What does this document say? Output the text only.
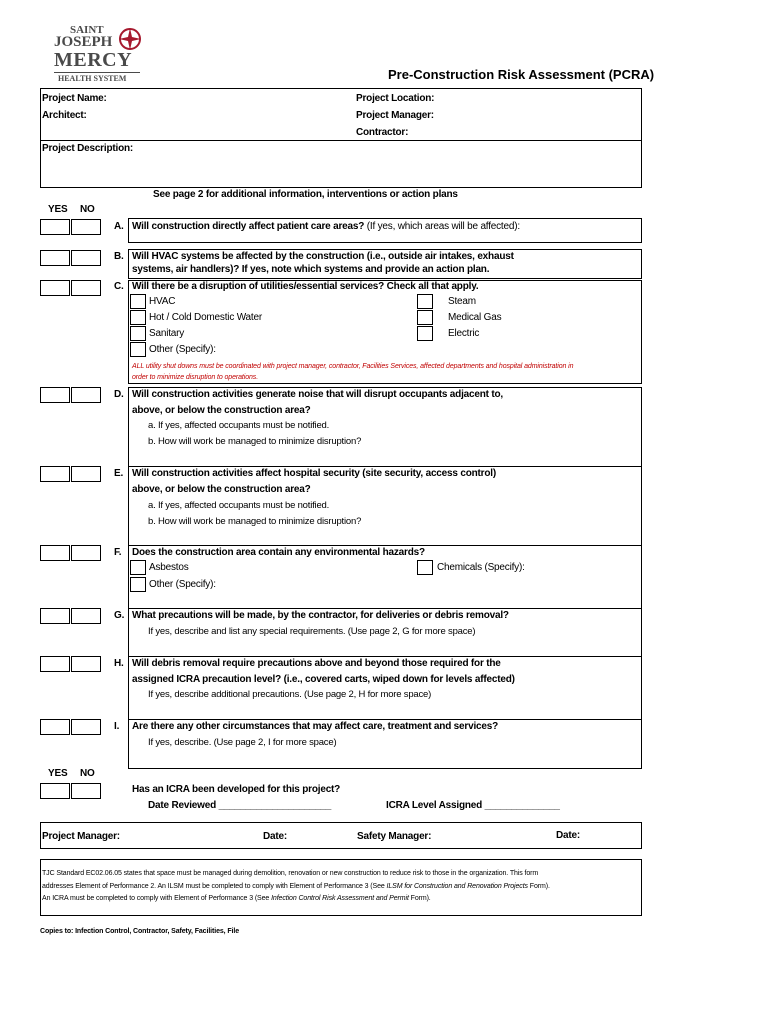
SAINT
JOSEPH
MERCY
HEALTH SYSTEM	Pre-Construction Risk Assessment (PCRA)
Project Name:
Architect:
Project Location:
Project Manager:
Contractor:
Project Description:
See page 2 for additional information, interventions or action plans
YES NO
A. Will construction directly affect patient care areas? (If yes, which areas will be affected):
B. Will HVAC systems be affected by the construction (i.e., outside air intakes, exhaust
systems, air handlers)? If yes, note which systems and provide an action plan.
C. Will there be a disruption of utilities/essential services? Check all that apply.
HVAC
Hot / Cold Domestic Water
Sanitary
Other (Specify):
Steam
Medical Gas
Electric
ALL utility shut downs must be coordinated with project manager, contractor, Facilities Services, affected departments and hospital administration in
order to minimize disruption to operations.
D. Will construction activities generate noise that will disrupt occupants adjacent to,
above, or below the construction area?
a. If yes, affected occupants must be notified.
b. How will work be managed to minimize disruption?
E. Will construction activities affect hospital security (site security, access control)
above, or below the construction area?
a. If yes, affected occupants must be notified.
b. How will work be managed to minimize disruption?
F. Does the construction area contain any environmental hazards?
Asbestos
Other (Specify):
Chemicals (Specify):
G. What precautions will be made, by the contractor, for deliveries or debris removal?
If yes, describe and list any special requirements. (Use page 2, G for more space)
H. Will debris removal require precautions above and beyond those required for the
assigned ICRA precaution level? (i.e., covered carts, wiped down for levels affected)
If yes, describe additional precautions. (Use page 2, H for more space)
I. Are there any other circumstances that may affect care, treatment and services?
If yes, describe. (Use page 2, I for more space)
YES NO
Has an ICRA been developed for this project?
Date Reviewed _____________________	ICRA Level Assigned ______________
Project Manager:	Date:	Safety Manager:	Date:
TJC Standard EC02.06.05 states that space must be managed during demolition, renovation or new construction to reduce risk to those in the organization. This form
addresses Element of Performance 2. An ILSM must be completed to comply with Element of Performance 3 (See ILSM for Construction and Renovation Projects Form).
An ICRA must be completed to comply with Element of Performance 3 (See Infection Control Risk Assessment and Permit Form).
Copies to: Infection Control, Contractor, Safety, Facilities, File
